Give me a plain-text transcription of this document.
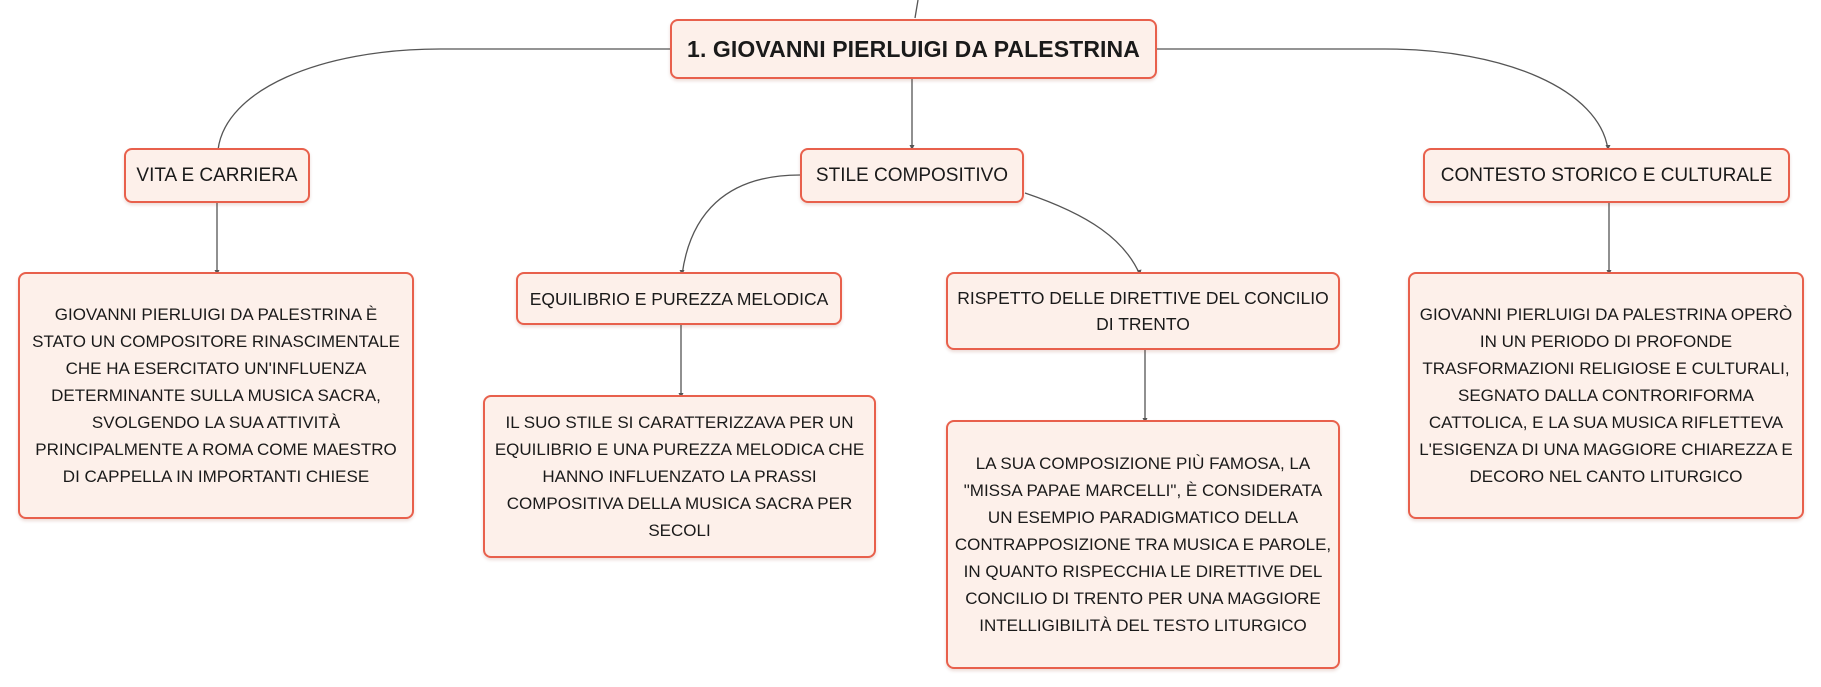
1. GIOVANNI PIERLUIGI DA PALESTRINA
VITA E CARRIERA	STILE COMPOSITIVO	CONTESTO STORICO E CULTURALE
EQUILIBRIO E PUREZZA MELODICA	RISPETTO DELLE DIRETTIVE DEL CONCILIO DI TRENTO
GIOVANNI PIERLUIGI DA PALESTRINA È STATO UN COMPOSITORE RINASCIMENTALE CHE HA ESERCITATO UN'INFLUENZA DETERMINANTE SULLA MUSICA SACRA, SVOLGENDO LA SUA ATTIVITÀ PRINCIPALMENTE A ROMA COME MAESTRO DI CAPPELLA IN IMPORTANTI CHIESE
IL SUO STILE SI CARATTERIZZAVA PER UN EQUILIBRIO E UNA PUREZZA MELODICA CHE HANNO INFLUENZATO LA PRASSI COMPOSITIVA DELLA MUSICA SACRA PER SECOLI
LA SUA COMPOSIZIONE PIÙ FAMOSA, LA "MISSA PAPAE MARCELLI", È CONSIDERATA UN ESEMPIO PARADIGMATICO DELLA CONTRAPPOSIZIONE TRA MUSICA E PAROLE, IN QUANTO RISPECCHIA LE DIRETTIVE DEL CONCILIO DI TRENTO PER UNA MAGGIORE INTELLIGIBILITÀ DEL TESTO LITURGICO
GIOVANNI PIERLUIGI DA PALESTRINA OPERÒ IN UN PERIODO DI PROFONDE TRASFORMAZIONI RELIGIOSE E CULTURALI, SEGNATO DALLA CONTRORIFORMA CATTOLICA, E LA SUA MUSICA RIFLETTEVA L'ESIGENZA DI UNA MAGGIORE CHIAREZZA E DECORO NEL CANTO LITURGICO
